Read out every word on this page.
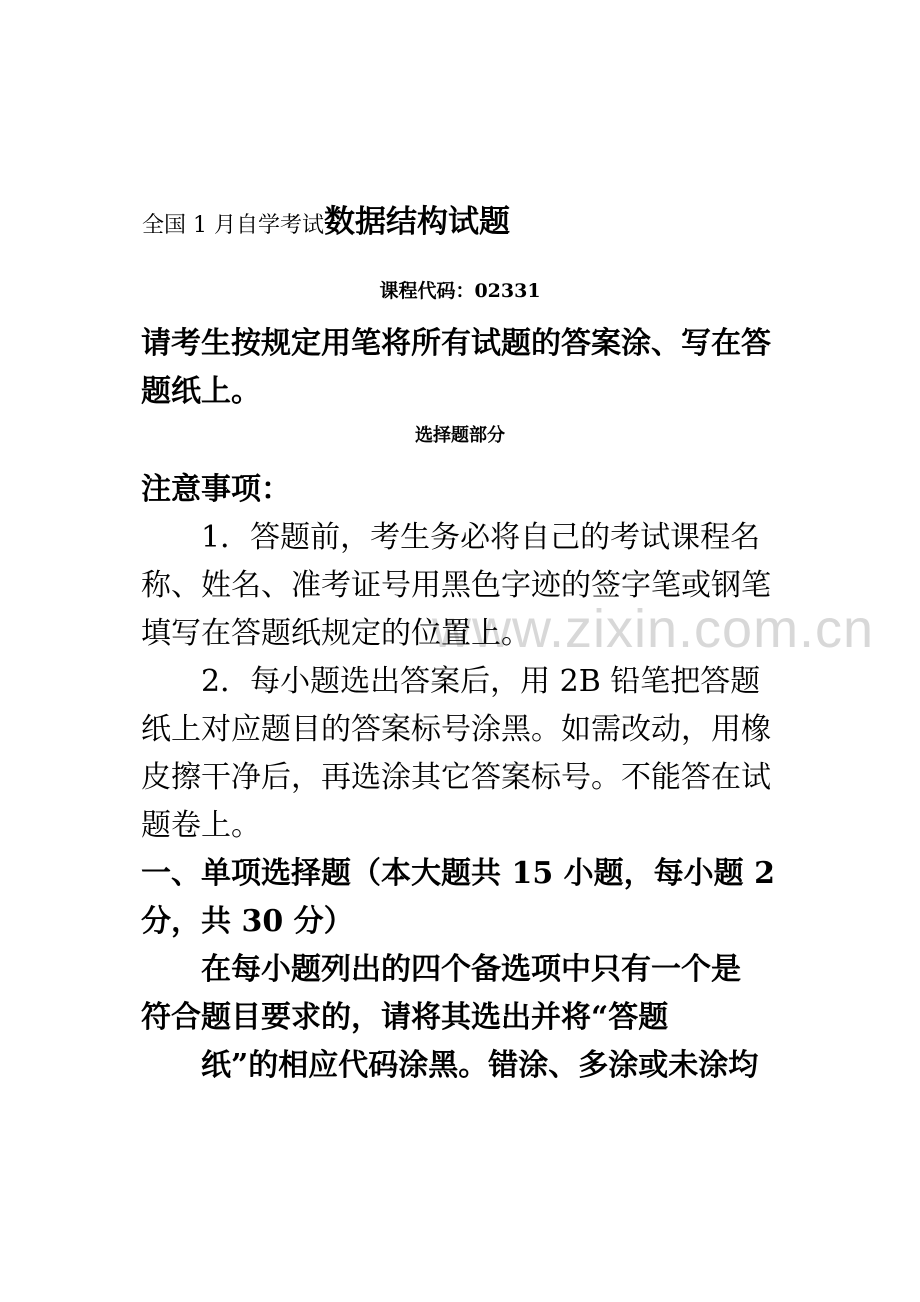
www.zixin.com.cn
全国 1 月自学考试数据结构试题
课程代码：02331
请考生按规定用笔将所有试题的答案涂、写在答
题纸上。
选择题部分
注意事项：
1．答题前，考生务必将自己的考试课程名
称、姓名、准考证号用黑色字迹的签字笔或钢笔
填写在答题纸规定的位置上。
2．每小题选出答案后，用 2B 铅笔把答题
纸上对应题目的答案标号涂黑。如需改动，用橡
皮擦干净后，再选涂其它答案标号。不能答在试
题卷上。
一、单项选择题（本大题共 15 小题，每小题 2
分，共 30 分）
在每小题列出的四个备选项中只有一个是
符合题目要求的，请将其选出并将“答题
纸”的相应代码涂黑。错涂、多涂或未涂均
